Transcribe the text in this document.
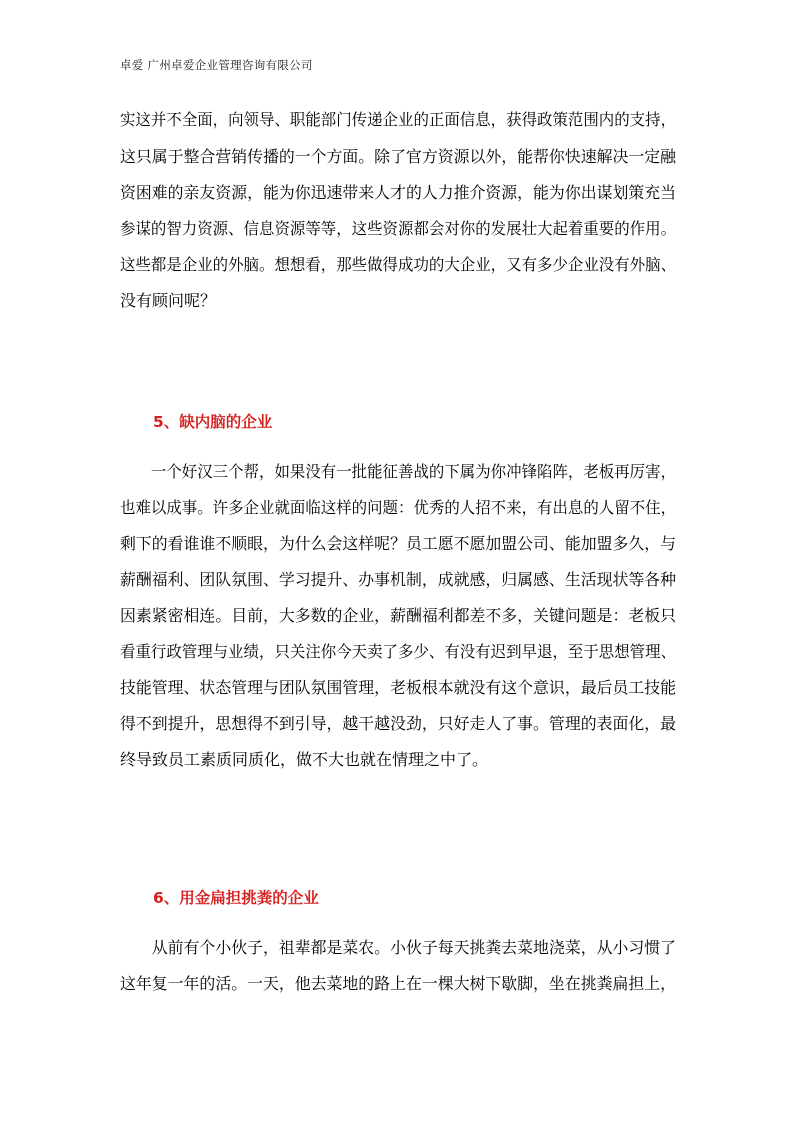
卓爱 广州卓爱企业管理咨询有限公司
实这并不全面，向领导、职能部门传递企业的正面信息，获得政策范围内的支持，
这只属于整合营销传播的一个方面。除了官方资源以外，能帮你快速解决一定融
资困难的亲友资源，能为你迅速带来人才的人力推介资源，能为你出谋划策充当
参谋的智力资源、信息资源等等，这些资源都会对你的发展壮大起着重要的作用。
这些都是企业的外脑。想想看，那些做得成功的大企业，又有多少企业没有外脑、
没有顾问呢？
5、缺内脑的企业
　　一个好汉三个帮，如果没有一批能征善战的下属为你冲锋陷阵，老板再厉害，
也难以成事。许多企业就面临这样的问题：优秀的人招不来，有出息的人留不住，
剩下的看谁谁不顺眼，为什么会这样呢？员工愿不愿加盟公司、能加盟多久，与
薪酬福利、团队氛围、学习提升、办事机制，成就感，归属感、生活现状等各种
因素紧密相连。目前，大多数的企业，薪酬福利都差不多，关键问题是：老板只
看重行政管理与业绩，只关注你今天卖了多少、有没有迟到早退，至于思想管理、
技能管理、状态管理与团队氛围管理，老板根本就没有这个意识，最后员工技能
得不到提升，思想得不到引导，越干越没劲，只好走人了事。管理的表面化，最
终导致员工素质同质化，做不大也就在情理之中了。
6、用金扁担挑粪的企业
　　从前有个小伙子，祖辈都是菜农。小伙子每天挑粪去菜地浇菜，从小习惯了
这年复一年的活。一天，他去菜地的路上在一棵大树下歇脚，坐在挑粪扁担上，
